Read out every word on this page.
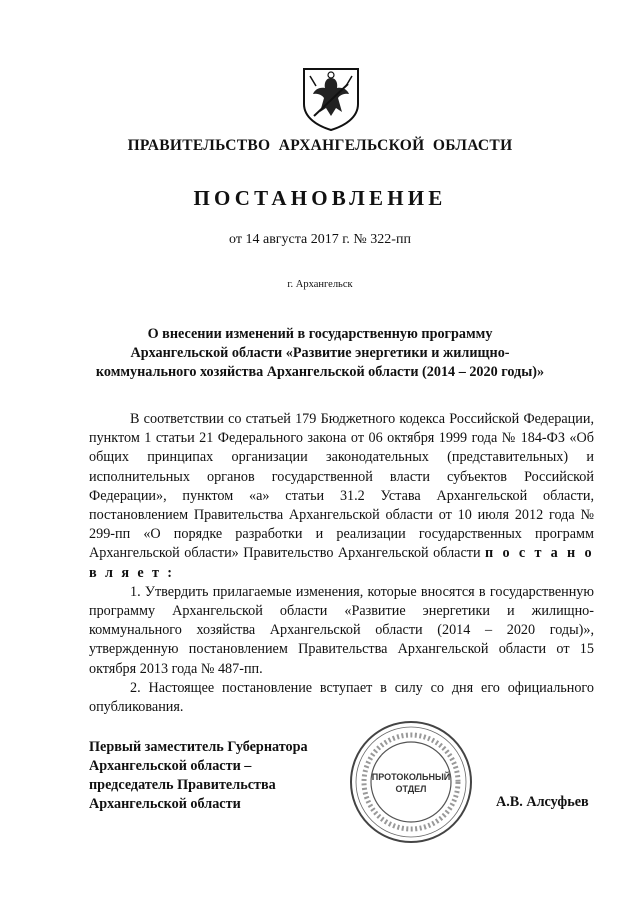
ПРАВИТЕЛЬСТВО  АРХАНГЕЛЬСКОЙ  ОБЛАСТИ
ПОСТАНОВЛЕНИЕ
от 14 августа 2017 г. № 322-пп
г. Архангельск
О внесении изменений в государственную программу
Архангельской области «Развитие энергетики и жилищно-
коммунального хозяйства Архангельской области (2014 – 2020 годы)»

В соответствии со статьей 179 Бюджетного кодекса Российской Федерации, пунктом 1 статьи 21 Федерального закона от 06 октября 1999 года № 184-ФЗ «Об общих принципах организации законодательных (представительных) и исполнительных органов государственной власти субъектов Российской Федерации», пунктом «а» статьи 31.2 Устава Архангельской области, постановлением Правительства Архангельской области от 10 июля 2012 года № 299-пп «О порядке разработки и реализации государственных программ Архангельской области» Правительство Архангельской области п о с т а н о в л я е т :

1. Утвердить прилагаемые изменения, которые вносятся в государственную программу Архангельской области «Развитие энергетики и жилищно-коммунального хозяйства Архангельской области (2014 – 2020 годы)», утвержденную постановлением Правительства Архангельской области от 15 октября 2013 года № 487-пп.

2. Настоящее постановление вступает в силу со дня его официального опубликования.

Первый заместитель Губернатора
Архангельской области –
председатель Правительства
Архангельской области
ПРОТОКОЛЬНЫЙ
ОТДЕЛ
А.В. Алсуфьев
